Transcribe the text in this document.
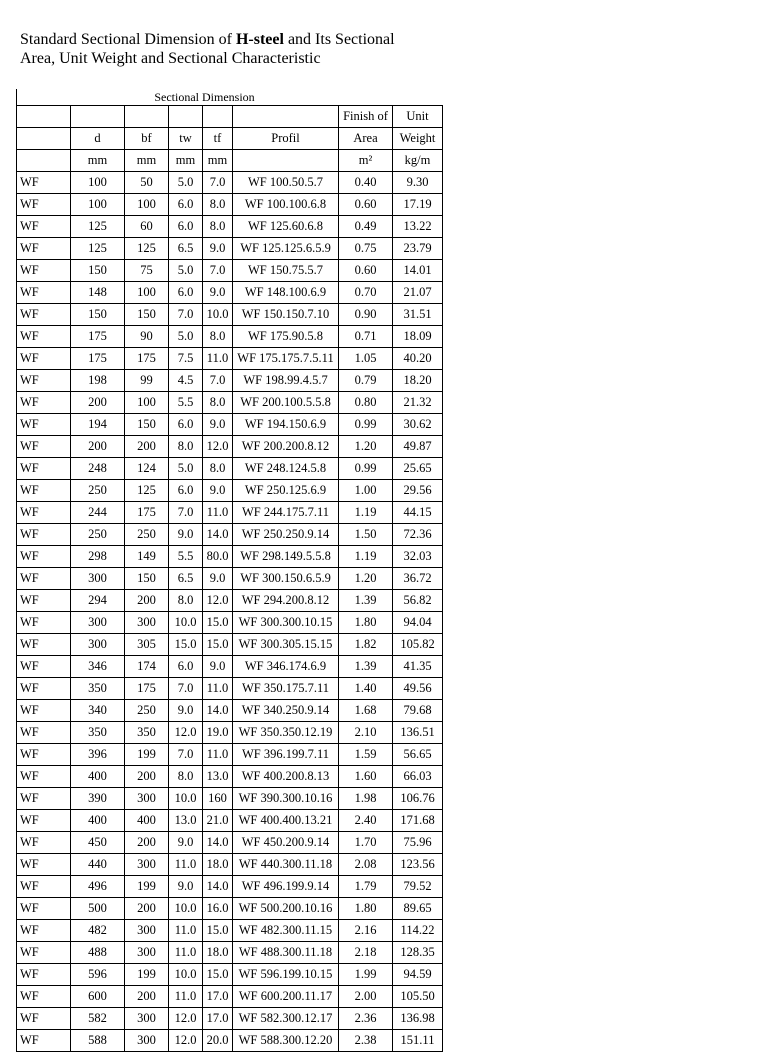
Standard Sectional Dimension of H-steel and Its Sectional
Area, Unit Weight and Sectional Characteristic
	Sectional Dimension						
						Finish of	Unit
	d	bf	tw	tf	Profil	Area	Weight
	mm	mm	mm	mm		m²	kg/m
WF	100	50	5.0	7.0	WF 100.50.5.7	0.40	9.30
WF	100	100	6.0	8.0	WF 100.100.6.8	0.60	17.19
WF	125	60	6.0	8.0	WF 125.60.6.8	0.49	13.22
WF	125	125	6.5	9.0	WF 125.125.6.5.9	0.75	23.79
WF	150	75	5.0	7.0	WF 150.75.5.7	0.60	14.01
WF	148	100	6.0	9.0	WF 148.100.6.9	0.70	21.07
WF	150	150	7.0	10.0	WF 150.150.7.10	0.90	31.51
WF	175	90	5.0	8.0	WF 175.90.5.8	0.71	18.09
WF	175	175	7.5	11.0	WF 175.175.7.5.11	1.05	40.20
WF	198	99	4.5	7.0	WF 198.99.4.5.7	0.79	18.20
WF	200	100	5.5	8.0	WF 200.100.5.5.8	0.80	21.32
WF	194	150	6.0	9.0	WF 194.150.6.9	0.99	30.62
WF	200	200	8.0	12.0	WF 200.200.8.12	1.20	49.87
WF	248	124	5.0	8.0	WF 248.124.5.8	0.99	25.65
WF	250	125	6.0	9.0	WF 250.125.6.9	1.00	29.56
WF	244	175	7.0	11.0	WF 244.175.7.11	1.19	44.15
WF	250	250	9.0	14.0	WF 250.250.9.14	1.50	72.36
WF	298	149	5.5	80.0	WF 298.149.5.5.8	1.19	32.03
WF	300	150	6.5	9.0	WF 300.150.6.5.9	1.20	36.72
WF	294	200	8.0	12.0	WF 294.200.8.12	1.39	56.82
WF	300	300	10.0	15.0	WF 300.300.10.15	1.80	94.04
WF	300	305	15.0	15.0	WF 300.305.15.15	1.82	105.82
WF	346	174	6.0	9.0	WF 346.174.6.9	1.39	41.35
WF	350	175	7.0	11.0	WF 350.175.7.11	1.40	49.56
WF	340	250	9.0	14.0	WF 340.250.9.14	1.68	79.68
WF	350	350	12.0	19.0	WF 350.350.12.19	2.10	136.51
WF	396	199	7.0	11.0	WF 396.199.7.11	1.59	56.65
WF	400	200	8.0	13.0	WF 400.200.8.13	1.60	66.03
WF	390	300	10.0	160	WF 390.300.10.16	1.98	106.76
WF	400	400	13.0	21.0	WF 400.400.13.21	2.40	171.68
WF	450	200	9.0	14.0	WF 450.200.9.14	1.70	75.96
WF	440	300	11.0	18.0	WF 440.300.11.18	2.08	123.56
WF	496	199	9.0	14.0	WF 496.199.9.14	1.79	79.52
WF	500	200	10.0	16.0	WF 500.200.10.16	1.80	89.65
WF	482	300	11.0	15.0	WF 482.300.11.15	2.16	114.22
WF	488	300	11.0	18.0	WF 488.300.11.18	2.18	128.35
WF	596	199	10.0	15.0	WF 596.199.10.15	1.99	94.59
WF	600	200	11.0	17.0	WF 600.200.11.17	2.00	105.50
WF	582	300	12.0	17.0	WF 582.300.12.17	2.36	136.98
WF	588	300	12.0	20.0	WF 588.300.12.20	2.38	151.11
